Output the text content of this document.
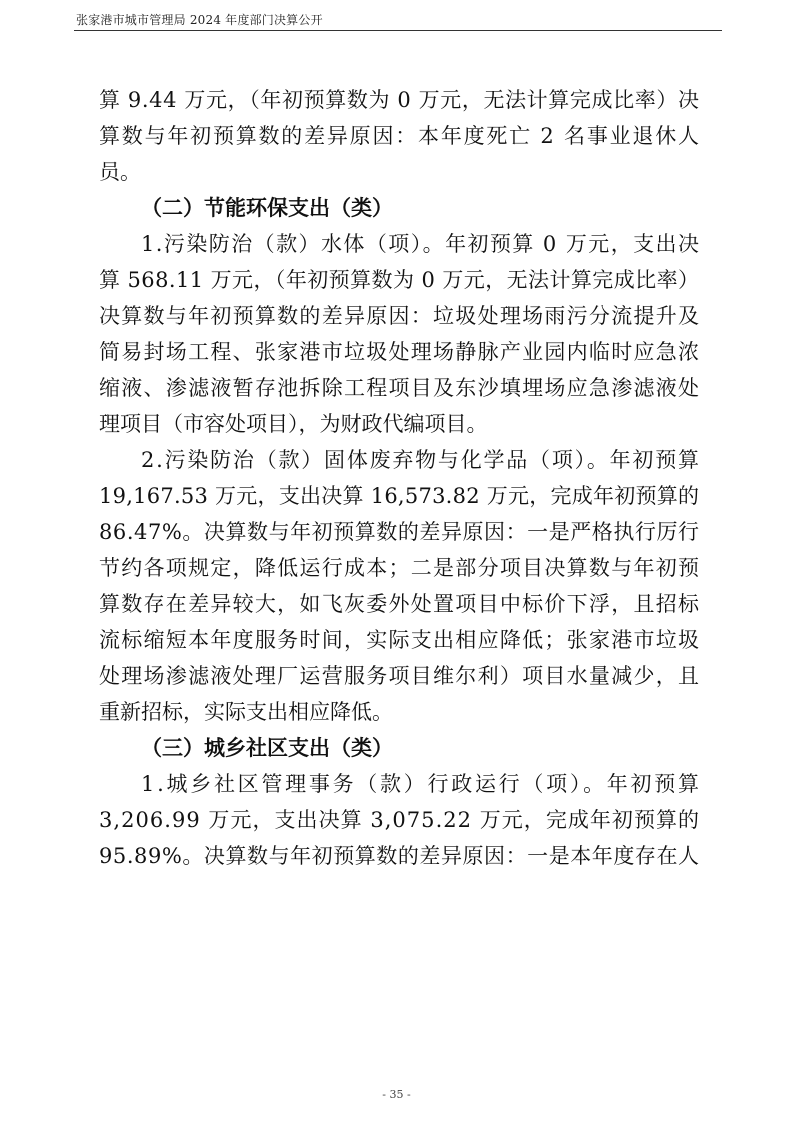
张家港市城市管理局 2024 年度部门决算公开
算 9.44 万元，（年初预算数为 0 万元，无法计算完成比率）决
算数与年初预算数的差异原因：本年度死亡 2 名事业退休人
员。
（二）节能环保支出（类）
1.污染防治（款）水体（项）。年初预算 0 万元，支出决
算 568.11 万元，（年初预算数为 0 万元，无法计算完成比率）
决算数与年初预算数的差异原因：垃圾处理场雨污分流提升及
简易封场工程、张家港市垃圾处理场静脉产业园内临时应急浓
缩液、渗滤液暂存池拆除工程项目及东沙填埋场应急渗滤液处
理项目（市容处项目），为财政代编项目。
2.污染防治（款）固体废弃物与化学品（项）。年初预算
19,167.53 万元，支出决算 16,573.82 万元，完成年初预算的
86.47%。决算数与年初预算数的差异原因：一是严格执行厉行
节约各项规定，降低运行成本；二是部分项目决算数与年初预
算数存在差异较大，如飞灰委外处置项目中标价下浮，且招标
流标缩短本年度服务时间，实际支出相应降低；张家港市垃圾
处理场渗滤液处理厂运营服务项目维尔利）项目水量减少，且
重新招标，实际支出相应降低。
（三）城乡社区支出（类）
1.城乡社区管理事务（款）行政运行（项）。年初预算
3,206.99 万元，支出决算 3,075.22 万元，完成年初预算的
95.89%。决算数与年初预算数的差异原因：一是本年度存在人
- 35 -
